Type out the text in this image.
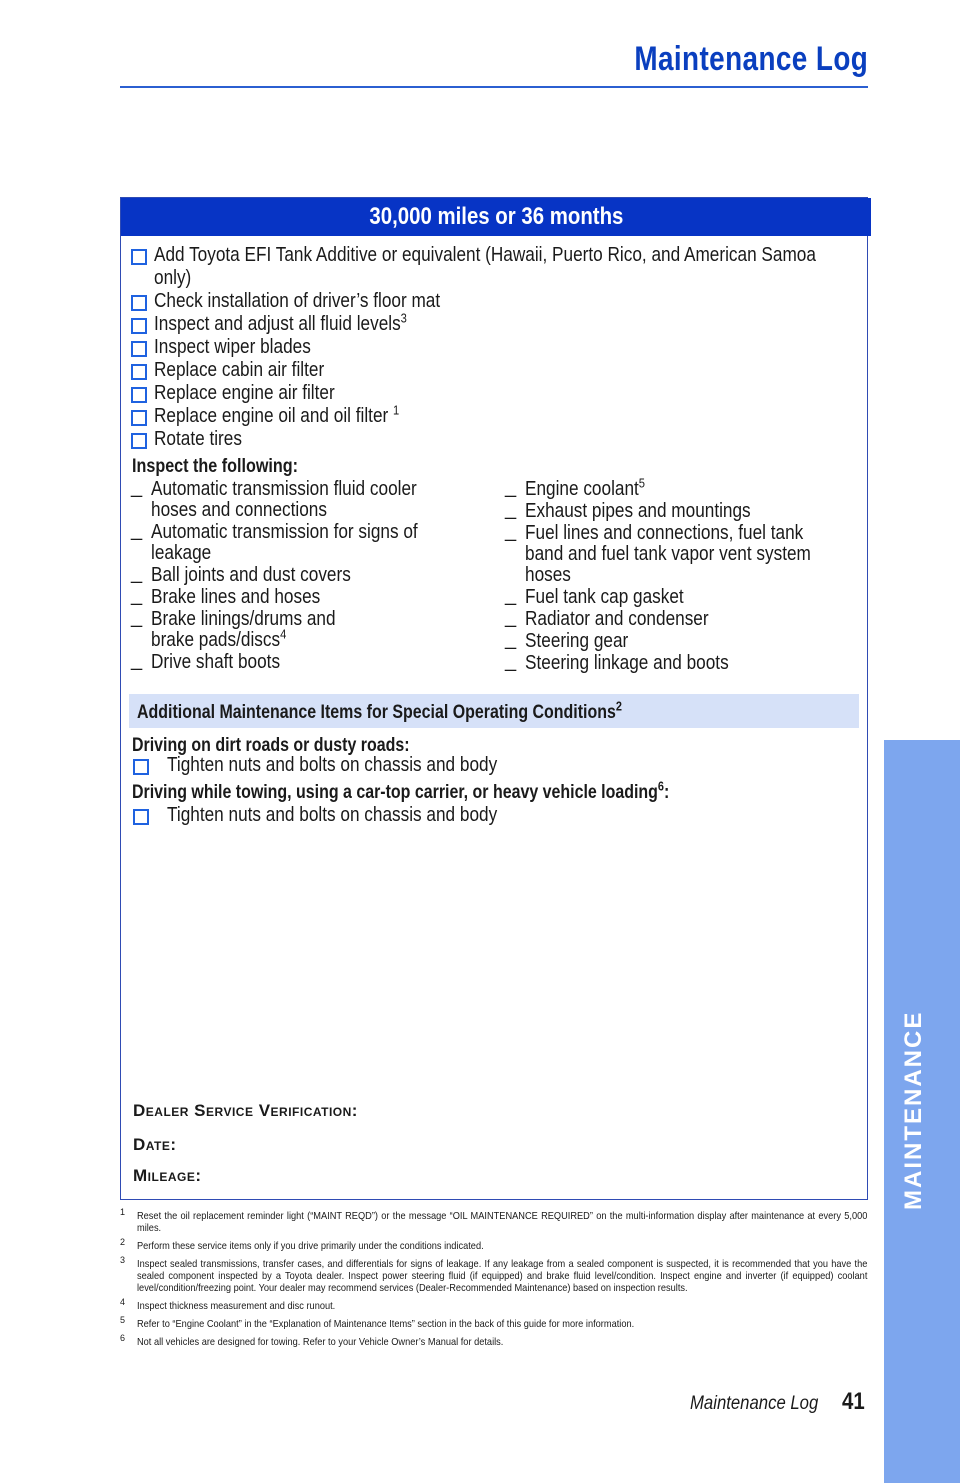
Maintenance Log
MAINTENANCE
30,000 miles or 36 months
Add Toyota EFI Tank Additive or equivalent (Hawaii, Puerto Rico, and American Samoa
only)
Check installation of driver’s floor mat
Inspect and adjust all fluid levels$^3$
Inspect wiper blades
Replace cabin air filter
Replace engine air filter
Replace engine oil and oil filter $^1$
Rotate tires
Inspect the following:
_ Automatic transmission fluid cooler
hoses and connections
_ Automatic transmission for signs of
leakage
_ Ball joints and dust covers
_ Brake lines and hoses
_ Brake linings/drums and
brake pads/discs$^4$
_ Drive shaft boots
_ Engine coolant$^5$
_ Exhaust pipes and mountings
_ Fuel lines and connections, fuel tank
band and fuel tank vapor vent system
hoses
_ Fuel tank cap gasket
_ Radiator and condenser
_ Steering gear
_ Steering linkage and boots
Additional Maintenance Items for Special Operating Conditions$^2$
Driving on dirt roads or dusty roads:
Tighten nuts and bolts on chassis and body
Driving while towing, using a car-top carrier, or heavy vehicle loading$^6$:
Tighten nuts and bolts on chassis and body
Dealer Service Verification:
Date:
Mileage:
1 Reset the oil replacement reminder light (“MAINT REQD”) or the message “OIL MAINTENANCE REQUIRED” on the multi-information display after maintenance at every 5,000 miles.
2 Perform these service items only if you drive primarily under the conditions indicated.
3 Inspect sealed transmissions, transfer cases, and differentials for signs of leakage. If any leakage from a sealed component is suspected, it is recommended that you have the sealed component inspected by a Toyota dealer. Inspect power steering fluid (if equipped) and brake fluid level/condition. Inspect engine and inverter (if equipped) coolant level/condition/freezing point. Your dealer may recommend services (Dealer-Recommended Maintenance) based on inspection results.
4 Inspect thickness measurement and disc runout.
5 Refer to “Engine Coolant” in the “Explanation of Maintenance Items” section in the back of this guide for more information.
6 Not all vehicles are designed for towing. Refer to your Vehicle Owner’s Manual for details.
Maintenance Log 41
